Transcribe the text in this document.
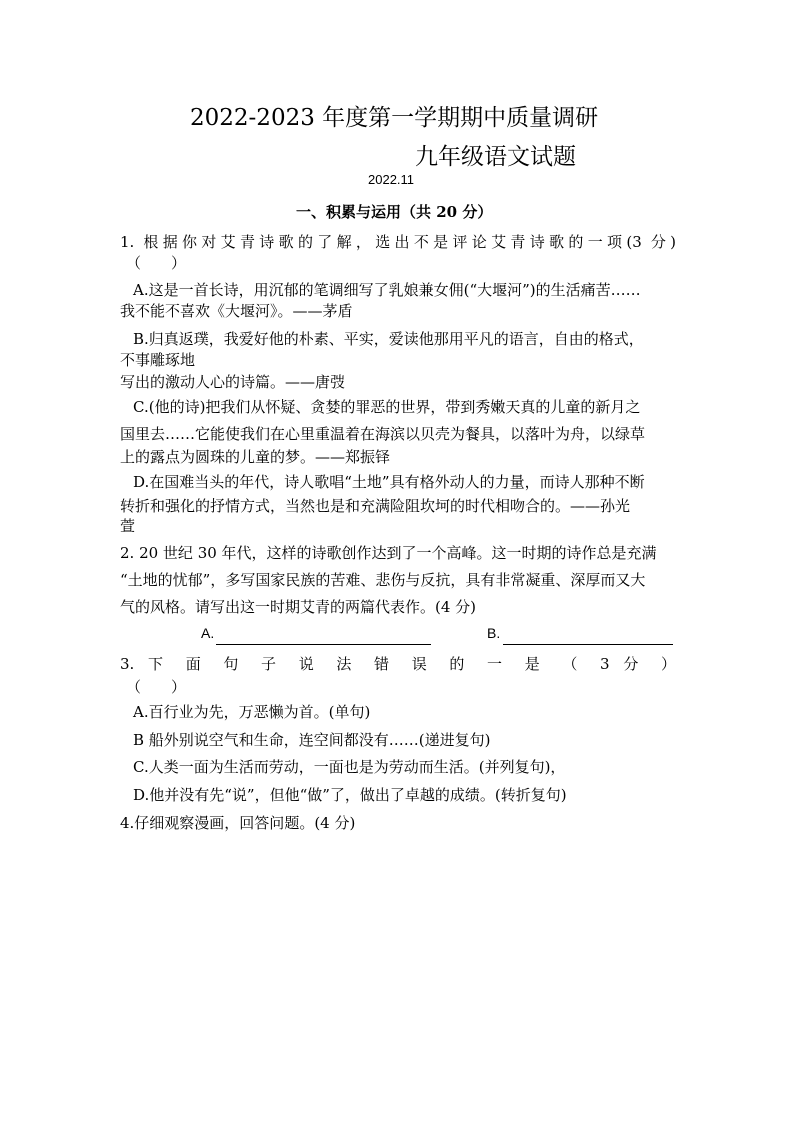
2022-2023 年度第一学期期中质量调研
九年级语文试题
2022.11
一、积累与运用（共 20 分）
1. 根据你对艾青诗歌的了解，选出不是评论艾青诗歌的一项(3 分)
（　　）
A.这是一首长诗，用沉郁的笔调细写了乳娘兼女佣(“大堰河”)的生活痛苦……
我不能不喜欢《大堰河》。——茅盾
B.归真返璞，我爱好他的朴素、平实，爱读他那用平凡的语言，自由的格式，
不事雕琢地
写出的激动人心的诗篇。——唐弢
C.(他的诗)把我们从怀疑、贪婪的罪恶的世界，带到秀嫩天真的儿童的新月之
国里去……它能使我们在心里重温着在海滨以贝壳为餐具，以落叶为舟，以绿草
上的露点为圆珠的儿童的梦。——郑振铎
D.在国难当头的年代，诗人歌唱“土地”具有格外动人的力量，而诗人那种不断
转折和强化的抒情方式，当然也是和充满险阻坎坷的时代相吻合的。——孙光
萱
2. 20 世纪 30 年代，这样的诗歌创作达到了一个高峰。这一时期的诗作总是充满
“土地的忧郁”，多写国家民族的苦难、悲伤与反抗，具有非常凝重、深厚而又大
气的风格。请写出这一时期艾青的两篇代表作。(4 分)
A.	B.
3. 下 面 句 子 说 法 错 误 的 一 是 （ 3 分 ）
（　　）
A.百行业为先，万恶懒为首。(单句)
B 船外别说空气和生命，连空间都没有……(递进复句)
C.人类一面为生活而劳动，一面也是为劳动而生活。(并列复句)，
D.他并没有先“说”，但他“做”了，做出了卓越的成绩。(转折复句)
4.仔细观察漫画，回答问题。(4 分)
